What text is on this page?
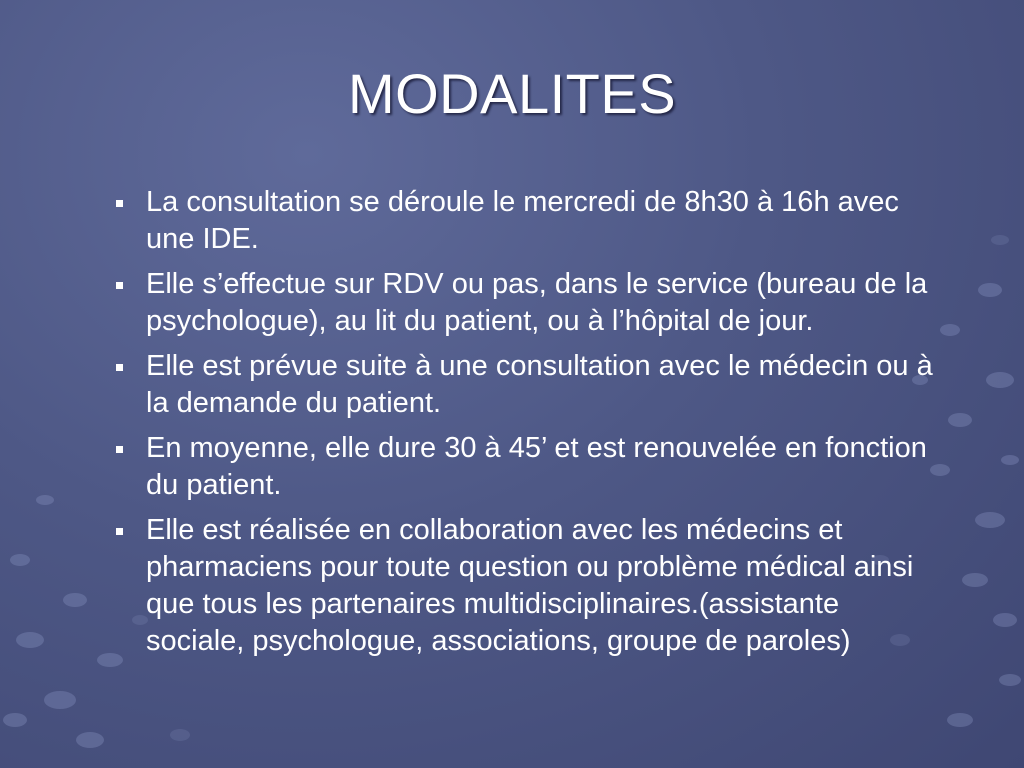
MODALITES
La consultation se déroule le mercredi de 8h30 à 16h avec une IDE.
Elle s’effectue sur RDV ou pas, dans le service (bureau de la psychologue), au lit du patient, ou à l’hôpital de jour.
Elle est prévue suite à une consultation avec le médecin ou à la demande du patient.
En moyenne, elle dure 30 à 45’ et est renouvelée en fonction du patient.
Elle est réalisée en collaboration avec les médecins et pharmaciens pour toute question ou problème médical ainsi que tous les partenaires multidisciplinaires.(assistante sociale, psychologue, associations, groupe de paroles)
